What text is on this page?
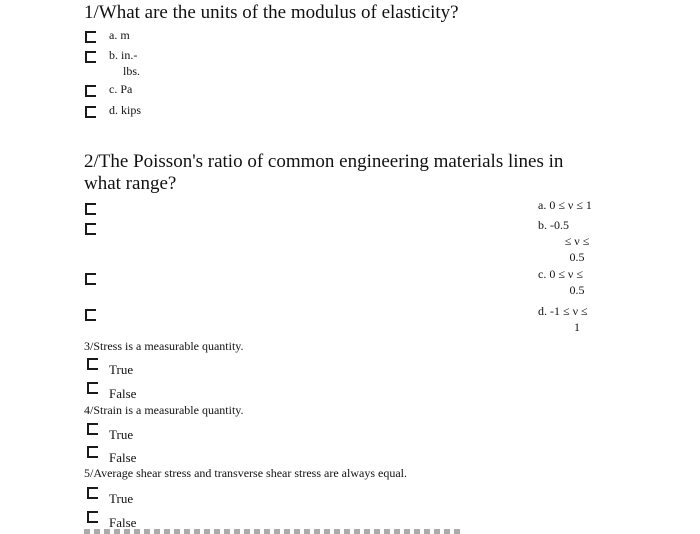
1/What are the units of the modulus of elasticity?
a. m
b. in.-
lbs.
c. Pa
d. kips
2/The Poisson's ratio of common engineering materials lines in
what range?
a. 0 ≤ ν ≤ 1
b. -0.5
≤ ν ≤
0.5
c. 0 ≤ ν ≤
0.5
d. -1 ≤ ν ≤
1
3/Stress is a measurable quantity.
True
False
4/Strain is a measurable quantity.
True
False
5/Average shear stress and transverse shear stress are always equal.
True
False
